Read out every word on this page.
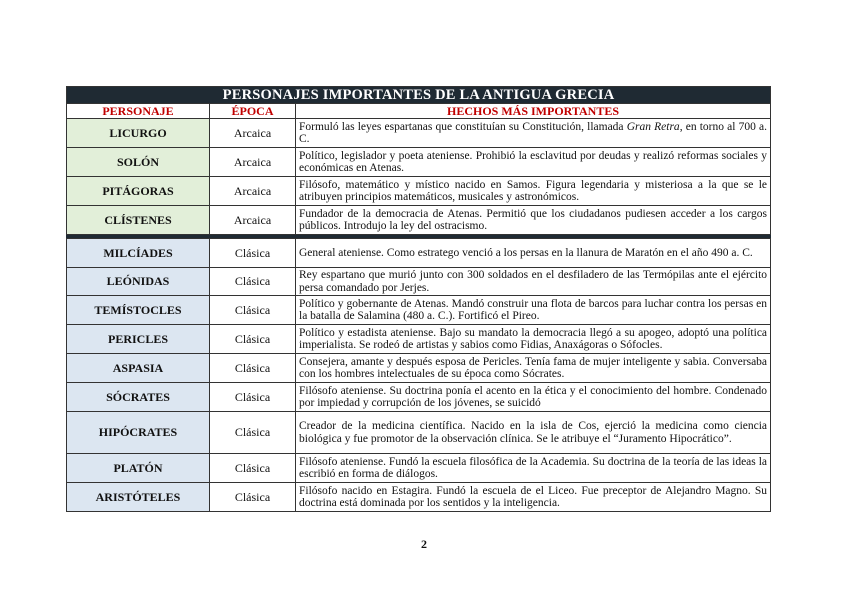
PERSONAJES IMPORTANTES DE LA ANTIGUA GRECIA		
PERSONAJE	ÉPOCA	HECHOS MÁS IMPORTANTES
LICURGO	Arcaica	Formuló las leyes espartanas que constituían su Constitución, llamada Gran Retra, en torno al 700 a. C.
SOLÓN	Arcaica	Político, legislador y poeta ateniense. Prohibió la esclavitud por deudas y realizó reformas sociales y económicas en Atenas.
PITÁGORAS	Arcaica	Filósofo, matemático y místico nacido en Samos. Figura legendaria y misteriosa a la que se le atribuyen principios matemáticos, musicales y astronómicos.
CLÍSTENES	Arcaica	Fundador de la democracia de Atenas. Permitió que los ciudadanos pudiesen acceder a los cargos públicos. Introdujo la ley del ostracismo.

MILCÍADES	Clásica	General ateniense. Como estratego venció a los persas en la llanura de Maratón en el año 490 a. C.
LEÓNIDAS	Clásica	Rey espartano que murió junto con 300 soldados en el desfiladero de las Termópilas ante el ejército persa comandado por Jerjes.
TEMÍSTOCLES	Clásica	Político y gobernante de Atenas. Mandó construir una flota de barcos para luchar contra los persas en la batalla de Salamina (480 a. C.). Fortificó el Pireo.
PERICLES	Clásica	Político y estadista ateniense. Bajo su mandato la democracia llegó a su apogeo, adoptó una política imperialista. Se rodeó de artistas y sabios como Fidias, Anaxágoras o Sófocles.
ASPASIA	Clásica	Consejera, amante y después esposa de Pericles. Tenía fama de mujer inteligente y sabia. Conversaba con los hombres intelectuales de su época como Sócrates.
SÓCRATES	Clásica	Filósofo ateniense. Su doctrina ponía el acento en la ética y el conocimiento del hombre. Condenado por impiedad y corrupción de los jóvenes, se suicidó
HIPÓCRATES	Clásica	Creador de la medicina científica. Nacido en la isla de Cos, ejerció la medicina como ciencia biológica y fue promotor de la observación clínica. Se le atribuye el “Juramento Hipocrático”.
PLATÓN	Clásica	Filósofo ateniense. Fundó la escuela filosófica de la Academia. Su doctrina de la teoría de las ideas la escribió en forma de diálogos.
ARISTÓTELES	Clásica	Filósofo nacido en Estagira. Fundó la escuela de el Liceo. Fue preceptor de Alejandro Magno. Su doctrina está dominada por los sentidos y la inteligencia.
2
